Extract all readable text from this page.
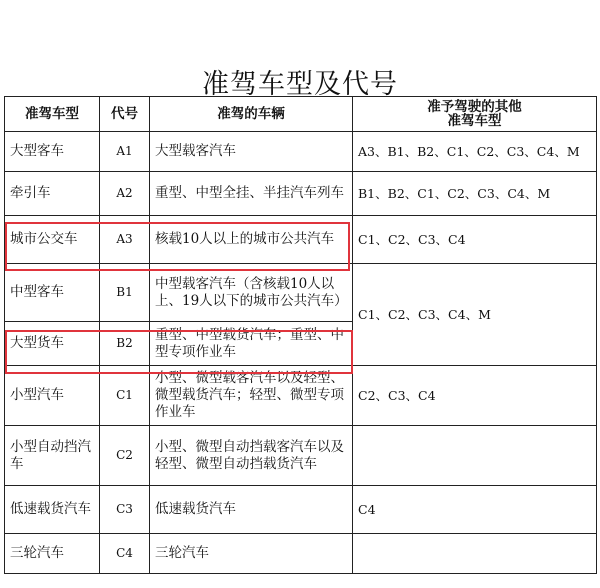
准驾车型及代号
准驾车型	代号	准驾的车辆	准予驾驶的其他
准驾车型
大型客车	A1	大型载客汽车	A3、B1、B2、C1、C2、C3、C4、M
牵引车	A2	重型、中型全挂、半挂汽车列车	B1、B2、C1、C2、C3、C4、M
城市公交车	A3	核载10人以上的城市公共汽车	C1、C2、C3、C4
中型客车	B1	中型载客汽车（含核载10人以上、19人以下的城市公共汽车）	C1、C2、C3、C4、M
大型货车	B2	重型、中型载货汽车；重型、中型专项作业车	
小型汽车	C1	小型、微型载客汽车以及轻型、微型载货汽车；轻型、微型专项作业车	C2、C3、C4
小型自动挡汽车	C2	小型、微型自动挡载客汽车以及轻型、微型自动挡载货汽车	
低速载货汽车	C3	低速载货汽车	C4
三轮汽车	C4	三轮汽车	
